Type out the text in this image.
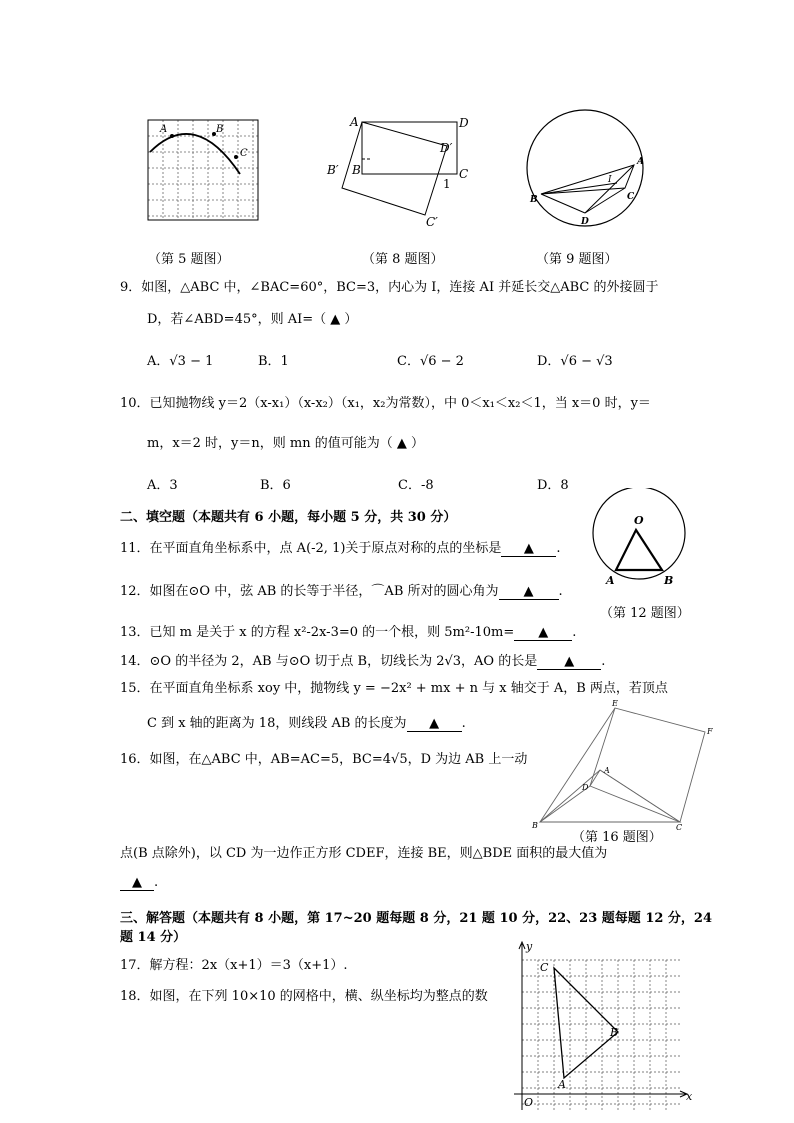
A	B
C
（第 5 题图）
A	D
D′
B′ B	C
C′
1
（第 8 题图）
A
B	C
D
I
（第 9 题图）
9．如图，△ABC 中，∠BAC=60°，BC=3，内心为 I，连接 AI 并延长交△ABC 的外接圆于
D，若∠ABD=45°，则 AI=（ ▲ ）
A．√3 − 1	B．1	C．√6 − 2	D．√6 − √3
10．已知抛物线 y＝2（x-x₁）（x-x₂）（x₁，x₂为常数），中 0＜x₁＜x₂＜1，当 x＝0 时，y＝
m，x＝2 时，y＝n，则 mn 的值可能为（ ▲ ）
A．3	B．6	C．-8	D．8
二、填空题（本题共有 6 小题，每小题 5 分，共 30 分）	O
A	B
（第 12 题图）
11．在平面直角坐标系中，点 A(-2, 1)关于原点对称的点的坐标是 ▲ .
12．如图在⊙O 中，弦 AB 的长等于半径，⌒AB 所对的圆心角为 ▲ .
13．已知 m 是关于 x 的方程 x²-2x-3=0 的一个根，则 5m²-10m= ▲ .
14．⊙O 的半径为 2，AB 与⊙O 切于点 B，切线长为 2√3，AO 的长是 ▲ .
15．在平面直角坐标系 xoy 中，抛物线 y = −2x² + mx + n 与 x 轴交于 A，B 两点，若顶点
C 到 x 轴的距离为 18，则线段 AB 的长度为 ▲ .
E
F
A
D
B	C
（第 16 题图）
16．如图，在△ABC 中，AB=AC=5，BC=4√5，D 为边 AB 上一动
点(B 点除外)，以 CD 为一边作正方形 CDEF，连接 BE，则△BDE 面积的最大值为
▲ .
三、解答题（本题共有 8 小题，第 17~20 题每题 8 分，21 题 10 分，22、23 题每题 12 分，24
题 14 分）
17．解方程：2x（x+1）＝3（x+1）.
18．如图，在下列 10×10 的网格中，横、纵坐标均为整点的数
y
x
O
C
B
A
